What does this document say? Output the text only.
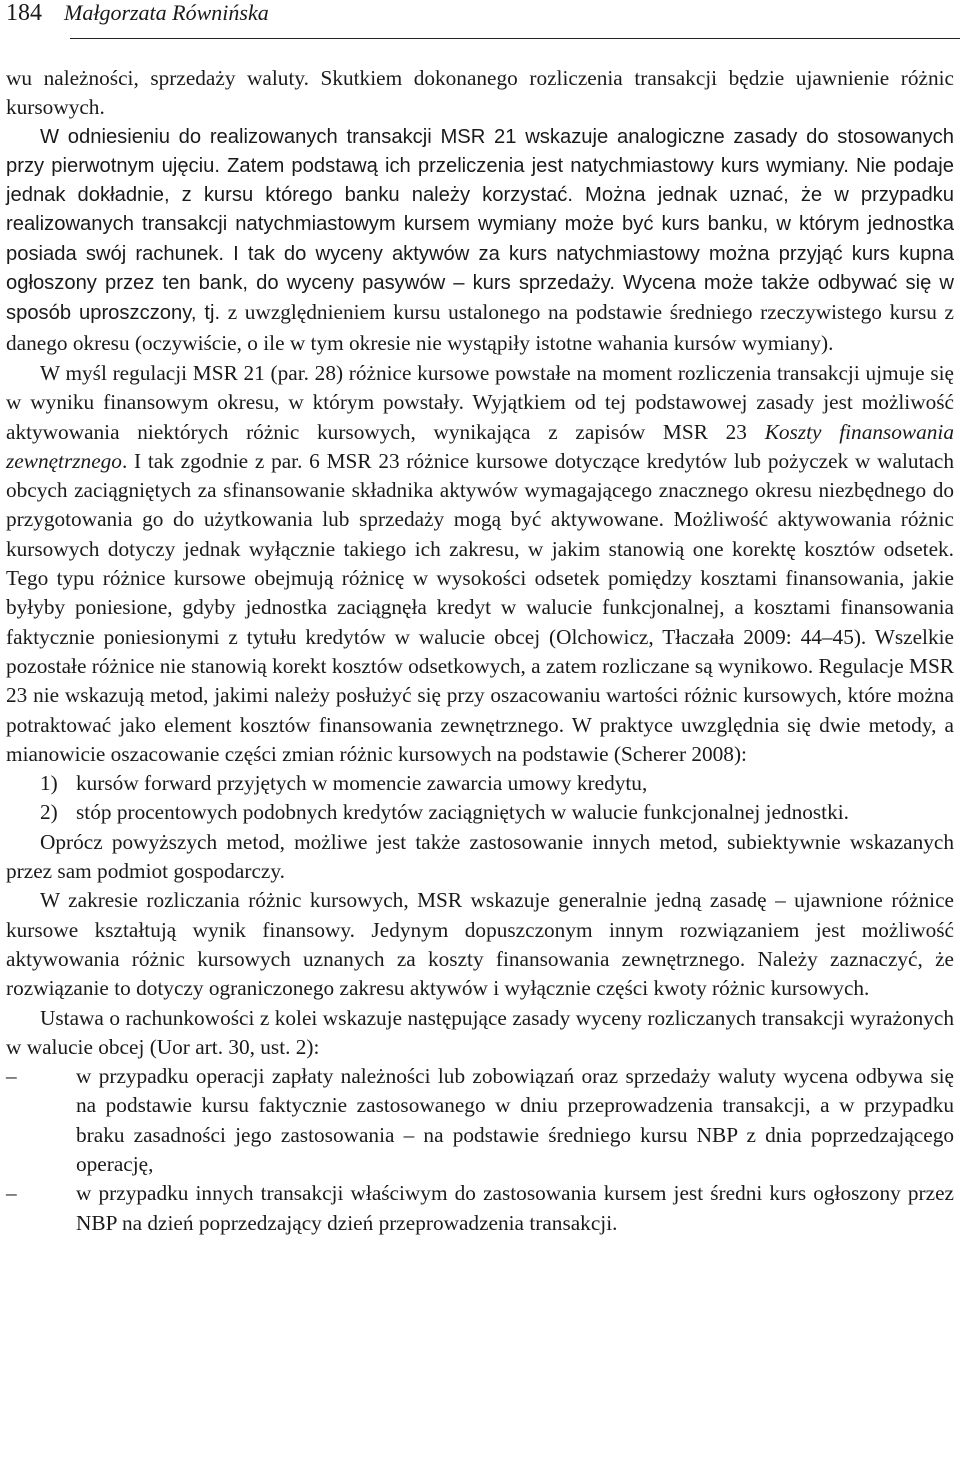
184 Małgorzata Równińska

wu należności, sprzedaży waluty. Skutkiem dokonanego rozliczenia transakcji będzie ujawnienie różnic kursowych.

W odniesieniu do realizowanych transakcji MSR 21 wskazuje analogiczne zasady do stosowanych przy pierwotnym ujęciu. Zatem podstawą ich przeliczenia jest natychmiastowy kurs wymiany. Nie podaje jednak dokładnie, z kursu którego banku należy korzystać. Można jednak uznać, że w przypadku realizowanych transakcji natychmiastowym kursem wymiany może być kurs banku, w którym jednostka posiada swój rachunek. I tak do wyceny aktywów za kurs natychmiastowy można przyjąć kurs kupna ogłoszony przez ten bank, do wyceny pasywów – kurs sprzedaży. Wycena może także odbywać się w sposób uproszczony, tj. z uwzględnieniem kursu ustalonego na podstawie średniego rzeczywistego kursu z danego okresu (oczywiście, o ile w tym okresie nie wystąpiły istotne wahania kursów wymiany).

W myśl regulacji MSR 21 (par. 28) różnice kursowe powstałe na moment rozliczenia transakcji ujmuje się w wyniku finansowym okresu, w którym powstały. Wyjątkiem od tej podstawowej zasady jest możliwość aktywowania niektórych różnic kursowych, wynikająca z zapisów MSR 23 Koszty finansowania zewnętrznego. I tak zgodnie z par. 6 MSR 23 różnice kursowe dotyczące kredytów lub pożyczek w walutach obcych zaciągniętych za sfinansowanie składnika aktywów wymagającego znacznego okresu niezbędnego do przygotowania go do użytkowania lub sprzedaży mogą być aktywowane. Możliwość aktywowania różnic kursowych dotyczy jednak wyłącznie takiego ich zakresu, w jakim stanowią one korektę kosztów odsetek. Tego typu różnice kursowe obejmują różnicę w wysokości odsetek pomiędzy kosztami finansowania, jakie byłyby poniesione, gdyby jednostka zaciągnęła kredyt w walucie funkcjonalnej, a kosztami finansowania faktycznie poniesionymi z tytułu kredytów w walucie obcej (Olchowicz, Tłaczała 2009: 44–45). Wszelkie pozostałe różnice nie stanowią korekt kosztów odsetkowych, a zatem rozliczane są wynikowo. Regulacje MSR 23 nie wskazują metod, jakimi należy posłużyć się przy oszacowaniu wartości różnic kursowych, które można potraktować jako element kosztów finansowania zewnętrznego. W praktyce uwzględnia się dwie metody, a mianowicie oszacowanie części zmian różnic kursowych na podstawie (Scherer 2008):

1) kursów forward przyjętych w momencie zawarcia umowy kredytu,
2) stóp procentowych podobnych kredytów zaciągniętych w walucie funkcjonalnej jednostki.

Oprócz powyższych metod, możliwe jest także zastosowanie innych metod, subiektywnie wskazanych przez sam podmiot gospodarczy.

W zakresie rozliczania różnic kursowych, MSR wskazuje generalnie jedną zasadę – ujawnione różnice kursowe kształtują wynik finansowy. Jedynym dopuszczonym innym rozwiązaniem jest możliwość aktywowania różnic kursowych uznanych za koszty finansowania zewnętrznego. Należy zaznaczyć, że rozwiązanie to dotyczy ograniczonego zakresu aktywów i wyłącznie części kwoty różnic kursowych.

Ustawa o rachunkowości z kolei wskazuje następujące zasady wyceny rozliczanych transakcji wyrażonych w walucie obcej (Uor art. 30, ust. 2):

–	w przypadku operacji zapłaty należności lub zobowiązań oraz sprzedaży waluty wycena odbywa się na podstawie kursu faktycznie zastosowanego w dniu przeprowadzenia transakcji, a w przypadku braku zasadności jego zastosowania – na podstawie średniego kursu NBP z dnia poprzedzającego operację,
–	w przypadku innych transakcji właściwym do zastosowania kursem jest średni kurs ogłoszony przez NBP na dzień poprzedzający dzień przeprowadzenia transakcji.
